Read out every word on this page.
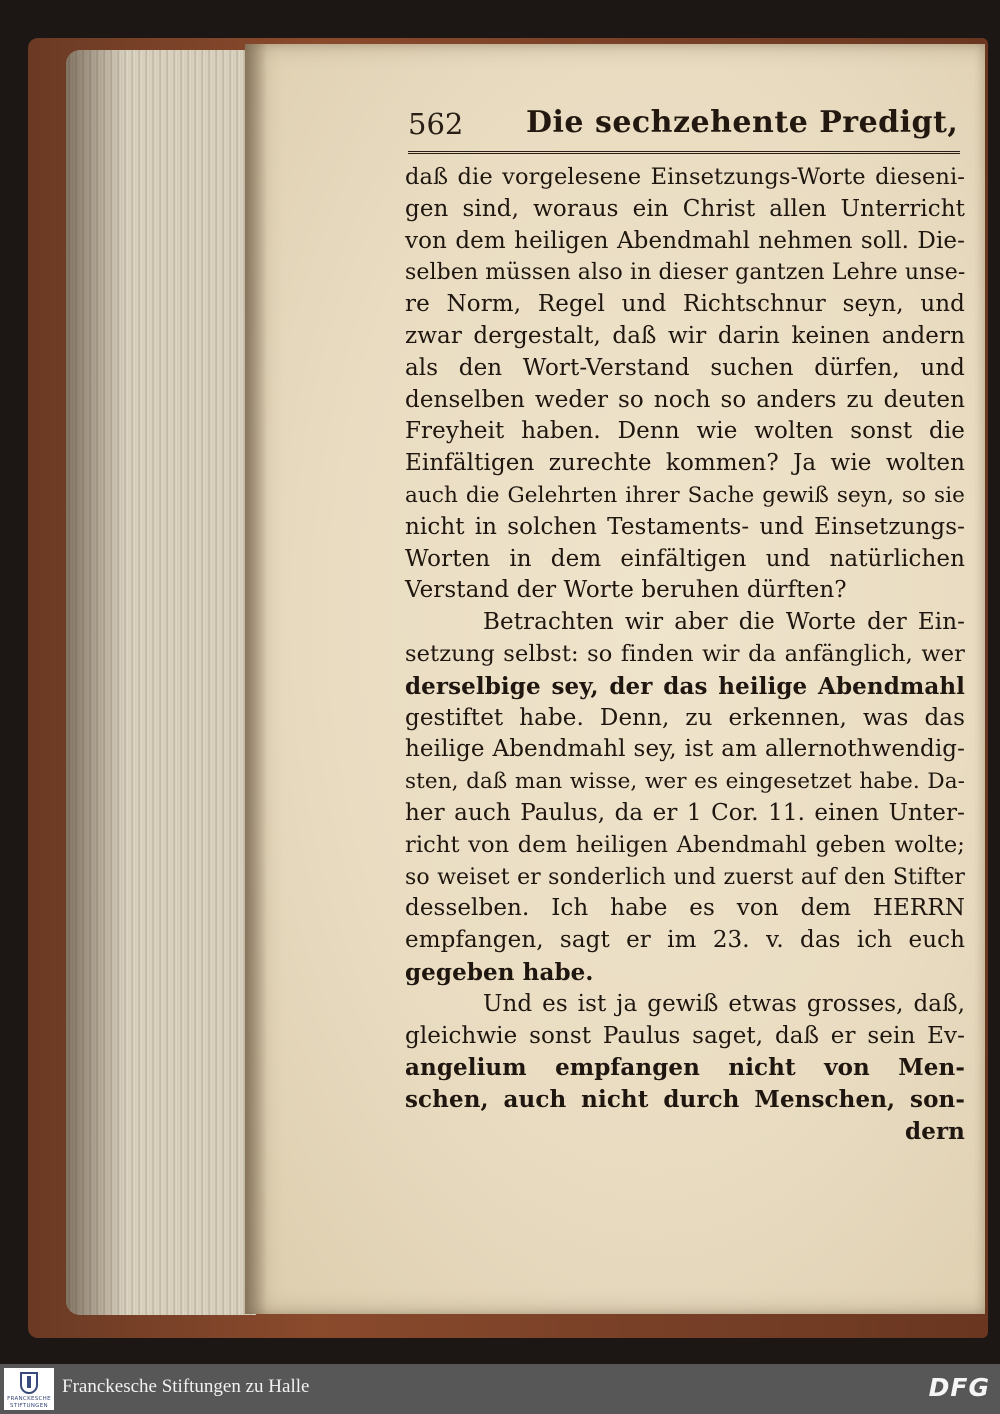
562 Die sechzehente Predigt,
daß die vorgelesene Einsetzungs-Worte dieseni-
gen sind, woraus ein Christ allen Unterricht
von dem heiligen Abendmahl nehmen soll. Die-
selben müssen also in dieser gantzen Lehre unse-
re Norm, Regel und Richtschnur seyn, und
zwar dergestalt, daß wir darin keinen andern
als den Wort-Verstand suchen dürfen, und
denselben weder so noch so anders zu deuten
Freyheit haben. Denn wie wolten sonst die
Einfältigen zurechte kommen? Ja wie wolten
auch die Gelehrten ihrer Sache gewiß seyn, so sie
nicht in solchen Testaments- und Einsetzungs-
Worten in dem einfältigen und natürlichen
Verstand der Worte beruhen dürften?
Betrachten wir aber die Worte der Ein-
setzung selbst: so finden wir da anfänglich, wer
derselbige sey, der das heilige Abendmahl
gestiftet habe. Denn, zu erkennen, was das
heilige Abendmahl sey, ist am allernothwendig-
sten, daß man wisse, wer es eingesetzet habe. Da-
her auch Paulus, da er 1 Cor. 11. einen Unter-
richt von dem heiligen Abendmahl geben wolte;
so weiset er sonderlich und zuerst auf den Stifter
desselben. Ich habe es von dem HERRN
empfangen, sagt er im 23. v. das ich euch
gegeben habe.
Und es ist ja gewiß etwas grosses, daß,
gleichwie sonst Paulus saget, daß er sein Ev-
angelium empfangen nicht von Men-
schen, auch nicht durch Menschen, son-
dern
FRANCKESCHE
STIFTUNGEN
Franckesche Stiftungen zu Halle	DFG
